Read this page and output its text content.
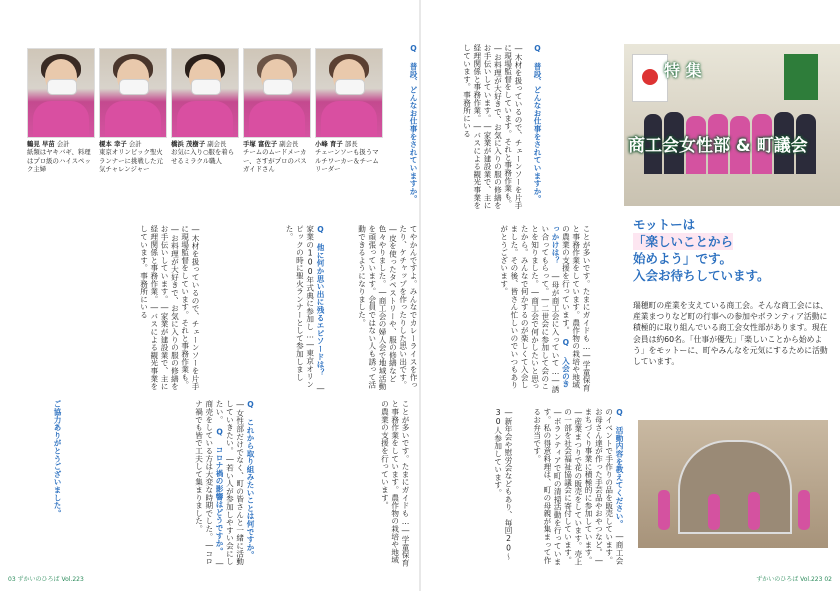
鶴見 早苗 会計
紙類はヤキバギ、料理はプロ級のハイスペック主婦
榎本 幸子 会計
東京オリンピック聖火ランナーに挑戦した元気チャレンジャー
橋浜 茂樹子 副会長
お気に入り○服を着らせるミラクル職人
手塚 富佐子 副会長
チームのムードメーカー、さすがプロのパスガイドさん
小峰 育子 部長
チェーンソーも扱うマルチワーカー＆チームリーダー	Q 普段、どんなお仕事をされていますか。
てやかんですよ。みんなでカレーライスを作ったり、ケチャップを作ったりした思い出です。―皮を使ったタペストリーや、服の修繕など色々やりました。―商工会の婦人会で地域活動を頑張っています。会員ではない人も誘って活動できるようになりました。
Q 他に何か思い出に残るエピソードは？　―家業の100年式典に参加し…―東京オリンピックの時に聖火ランナーとして参加しました。
―木材を扱っているので、チェーンソーを片手に現場監督をしています。それと事務作業も。―お料理が大好きで、お気に入りの服の修繕をお手伝いしています。―家業が建設業で、主に経理関係と事務作業。―バスによる観光事業をしています。事務所にいる
ことが多いです。たまにガイドも…―学童保育と事務作業をしています。農作物の栽培や地域の農業の支援を行っています。
Q これから取り組みたいことは何ですか。　―女性部だけでなく、町の皆さんと一緒に活動していきたい。―若い人が参加しやすい会にしたい。　Q コロナ禍の影響はどうですか。　―商売をしている方は大変な時期でした。―コロナ禍でも皆で工夫して集まりました。
ご協力ありがとうございました。
03 ずかいのひろば Vol.223
Q 普段、どんなお仕事をされていますか。
―木材を扱っているので、チェーンソーを片手に現場監督をしています。それと事務作業も。―お料理が大好きで、お気に入りの服の修繕をお手伝いしています。―家業が建設業で、主に経理関係と事務作業。―バスによる観光事業をしています。事務所にいる
ことが多いです。たまにガイドも…―学童保育と事務作業をしています。農作物の栽培や地域の農業の支援を行っています。　Q 入会のきっかけは？　―母が商工会に入っていて…―誘い合ってもらって。―二世会に参加して会のことを知りました。―商工会で何かしたいと思ったから。みんなで何かするのが楽しくて入会しました。その後、皆さん忙しいのでいつもありがとうございます。
特 集
商工会女性部 & 町議会
モットーは
「楽しいことから
始めよう」です。
入会お待ちしています。
瑞穂町の産業を支えている商工会。そんな商工会には、産業まつりなど町の行事への参加やボランティア活動に積極的に取り組んでいる商工会女性部があります。現在会員は約60名。「仕事が優先」「楽しいことから始めよう」をモットーに、町やみんなを元気にするために活動しています。
Q 活動内容を教えてください。　―商工会のイベントで手作りの品を販売しています。お母さん達が作った手芸品やおやつなど。―まちづくり事業に積極的に参加しています。―産業まつりで花の販売をしています。売上の一部を社会福祉協議会に寄付しています。―ボランティアで町の清掃活動を行っています。私の得意料理は、町の母親が集まって作るお弁当です。
―新年会や慰労会などもあり、毎回20〜30人参加しています。
ずかいのひろば Vol.223 02
